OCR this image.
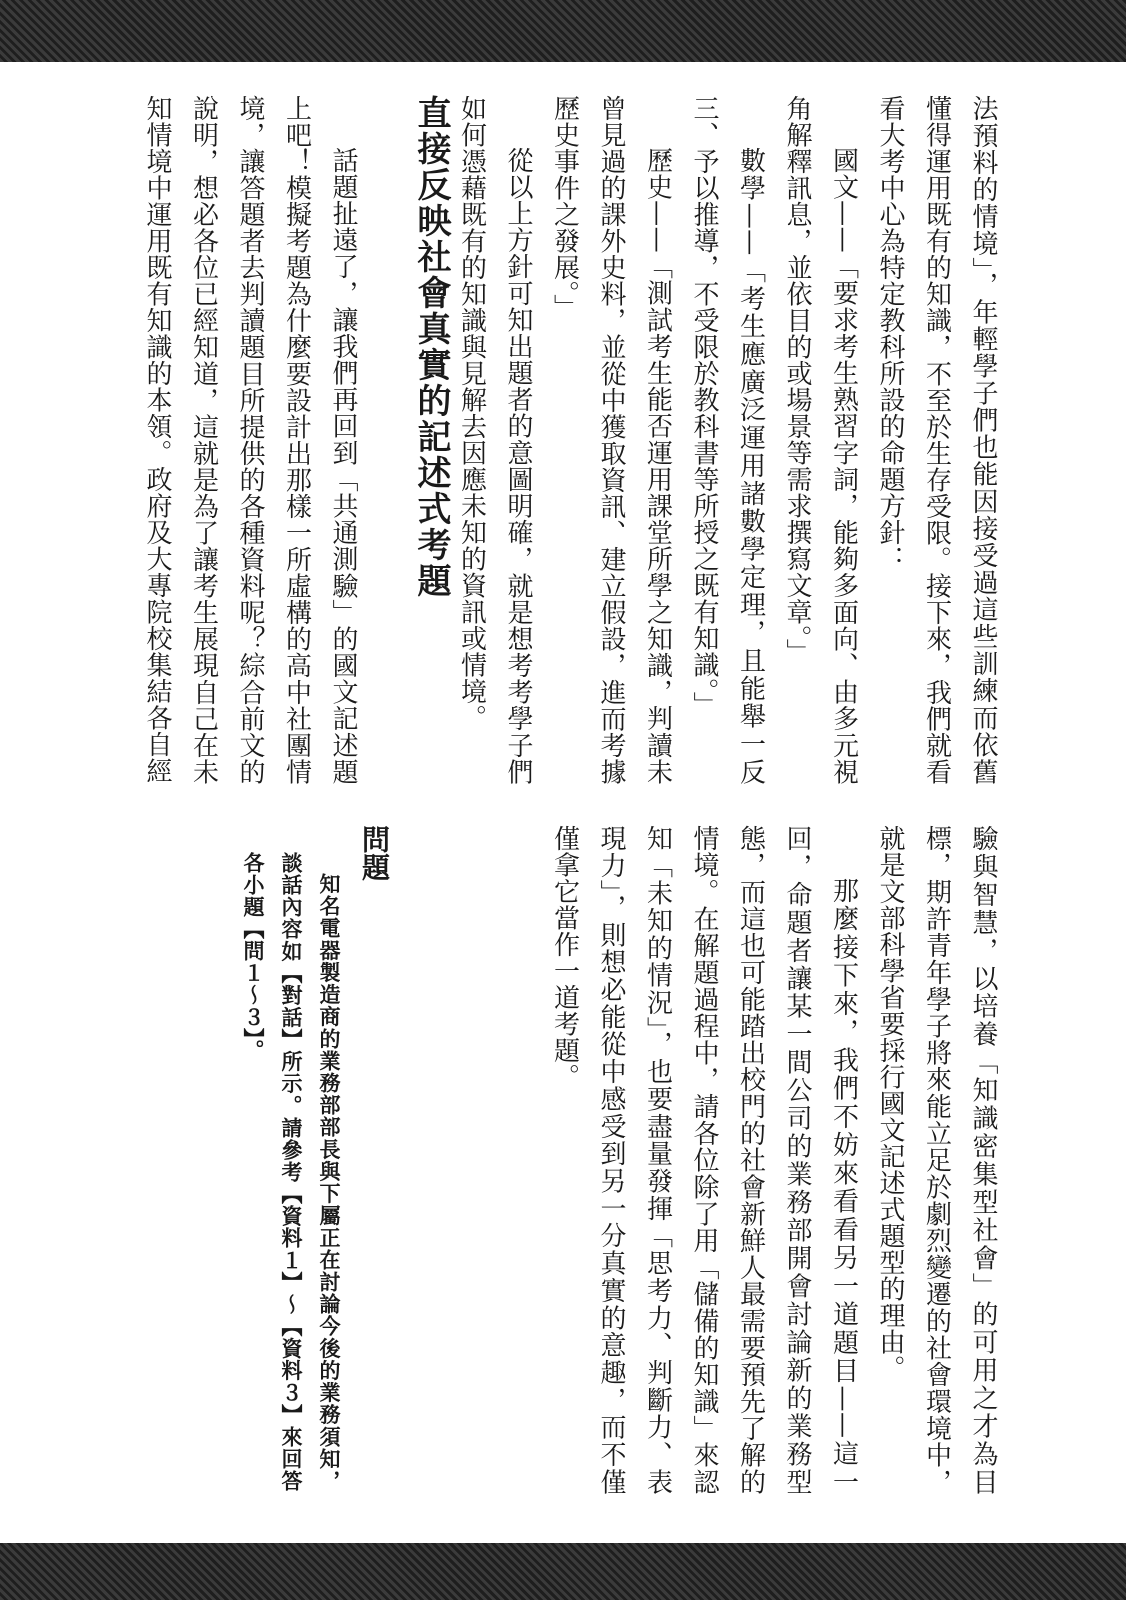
法預料的情境」，年輕學子們也能因接受過這些訓練而依舊懂得運用既有的知識，不至於生存受限。接下來，我們就看看大考中心為特定教科所設的命題方針：

國文——「要求考生熟習字詞，能夠多面向、由多元視角解釋訊息，並依目的或場景等需求撰寫文章。」

數學——「考生應廣泛運用諸數學定理，且能舉一反三、予以推導，不受限於教科書等所授之既有知識。」

歷史——「測試考生能否運用課堂所學之知識，判讀未曾見過的課外史料，並從中獲取資訊、建立假設，進而考據歷史事件之發展。」

從以上方針可知出題者的意圖明確，就是想考考學子們如何憑藉既有的知識與見解去因應未知的資訊或情境。

直接反映社會真實的記述式考題

話題扯遠了，讓我們再回到「共通測驗」的國文記述題上吧！模擬考題為什麼要設計出那樣一所虛構的高中社團情境，讓答題者去判讀題目所提供的各種資料呢？綜合前文的說明，想必各位已經知道，這就是為了讓考生展現自己在未知情境中運用既有知識的本領。政府及大專院校集結各自經

驗與智慧，以培養「知識密集型社會」的可用之才為目標，期許青年學子將來能立足於劇烈變遷的社會環境中，就是文部科學省要採行國文記述式題型的理由。

那麼接下來，我們不妨來看看另一道題目——這一回，命題者讓某一間公司的業務部開會討論新的業務型態，而這也可能踏出校門的社會新鮮人最需要預先了解的情境。在解題過程中，請各位除了用「儲備的知識」來認知「未知的情況」，也要盡量發揮「思考力、判斷力、表現力」，則想必能從中感受到另一分真實的意趣，而不僅僅拿它當作一道考題。

問題

知名電器製造商的業務部部長與下屬正在討論今後的業務須知，談話內容如【對話】所示。請參考【資料１】～【資料３】來回答各小題【問１～３】。
